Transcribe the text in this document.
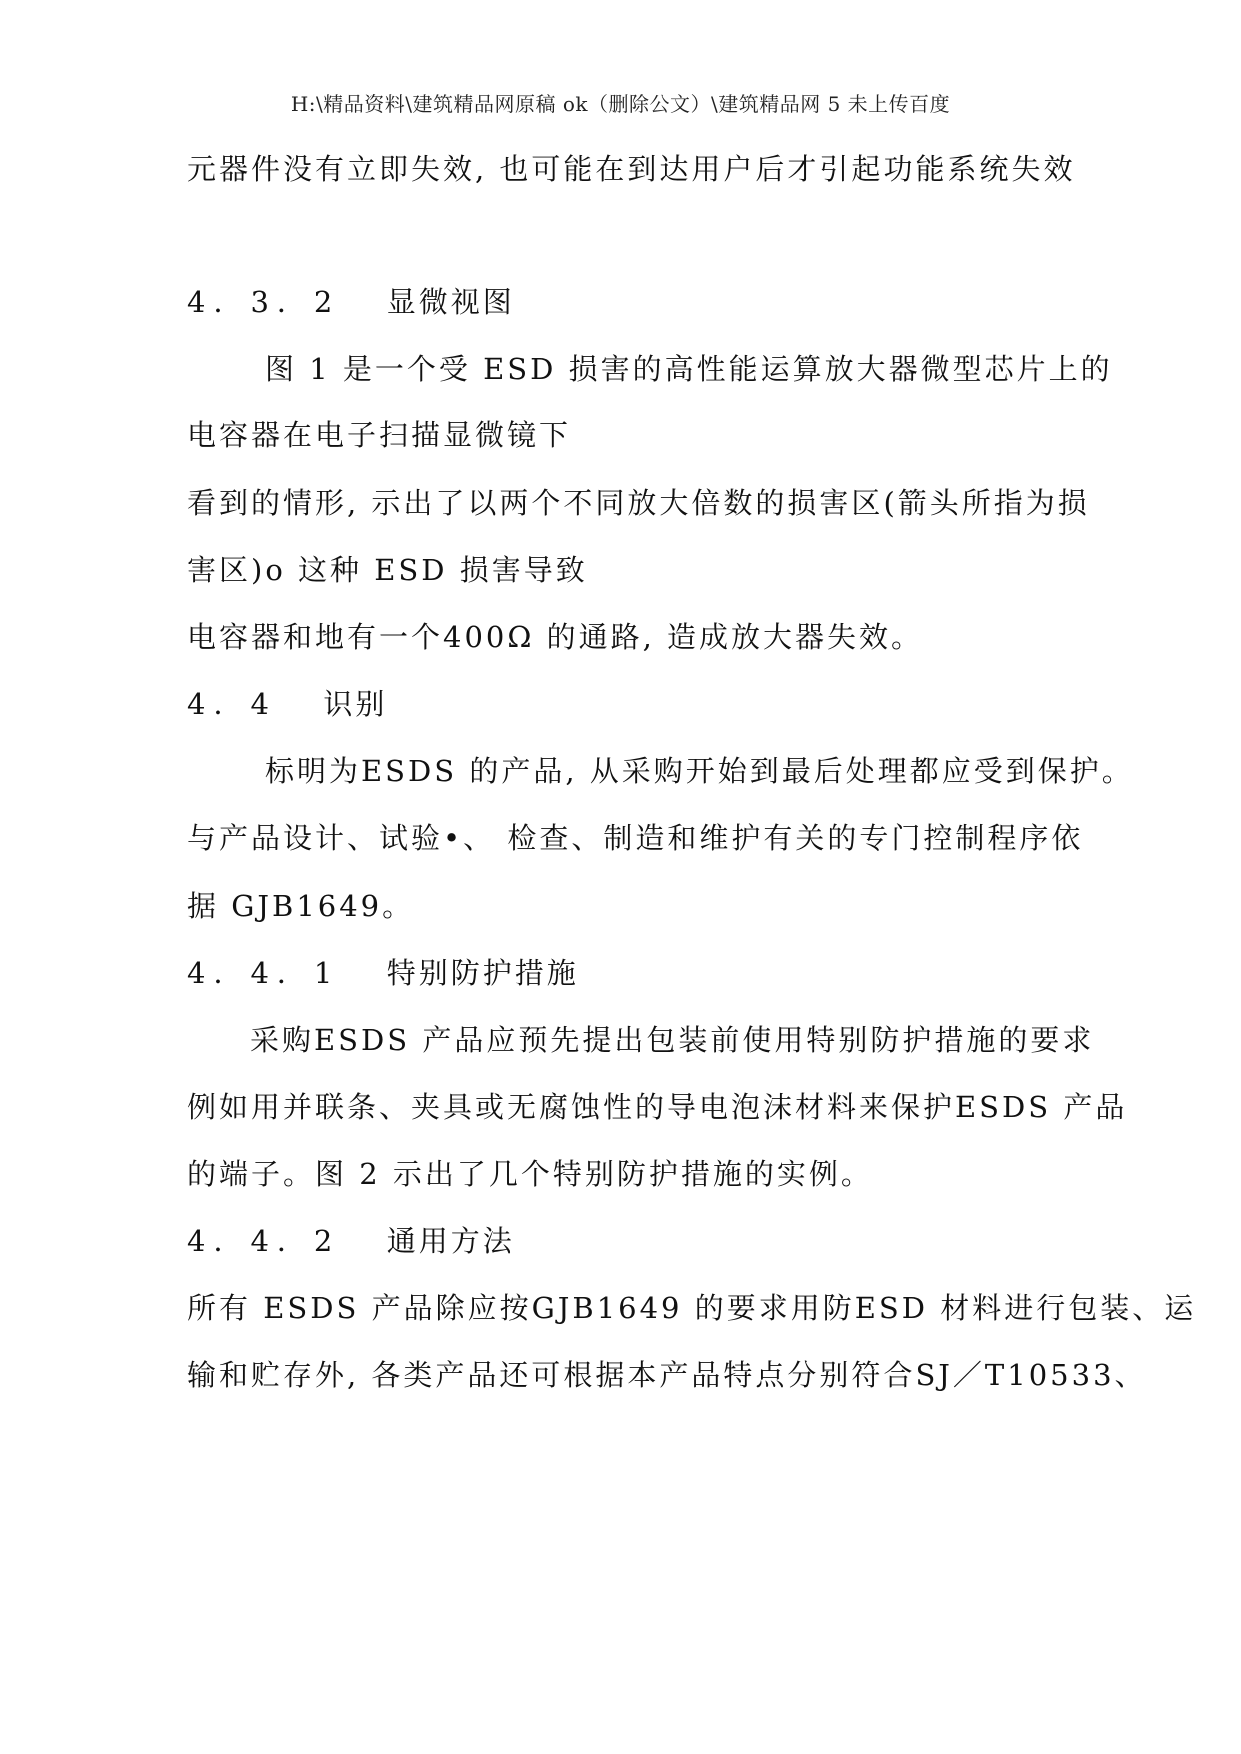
H:\精品资料\建筑精品网原稿 ok（删除公文）\建筑精品网 5 未上传百度
元器件没有立即失效, 也可能在到达用户后才引起功能系统失效
4．3．2 显微视图
图 1 是一个受 ESD 损害的高性能运算放大器微型芯片上的
电容器在电子扫描显微镜下
看到的情形, 示出了以两个不同放大倍数的损害区(箭头所指为损
害区)o 这种 ESD 损害导致
电容器和地有一个400Ω 的通路, 造成放大器失效。
4．4 识别
标明为ESDS 的产品, 从采购开始到最后处理都应受到保护。
与产品设计、试验•、 检查、制造和维护有关的专门控制程序依
据 GJB1649。
4．4．1 特别防护措施
采购ESDS 产品应预先提出包装前使用特别防护措施的要求
例如用并联条、夹具或无腐蚀性的导电泡沫材料来保护ESDS 产品
的端子。图 2 示出了几个特别防护措施的实例。
4．4．2 通用方法
所有 ESDS 产品除应按GJB1649 的要求用防ESD 材料进行包装、运
输和贮存外, 各类产品还可根据本产品特点分别符合SJ／T10533、
